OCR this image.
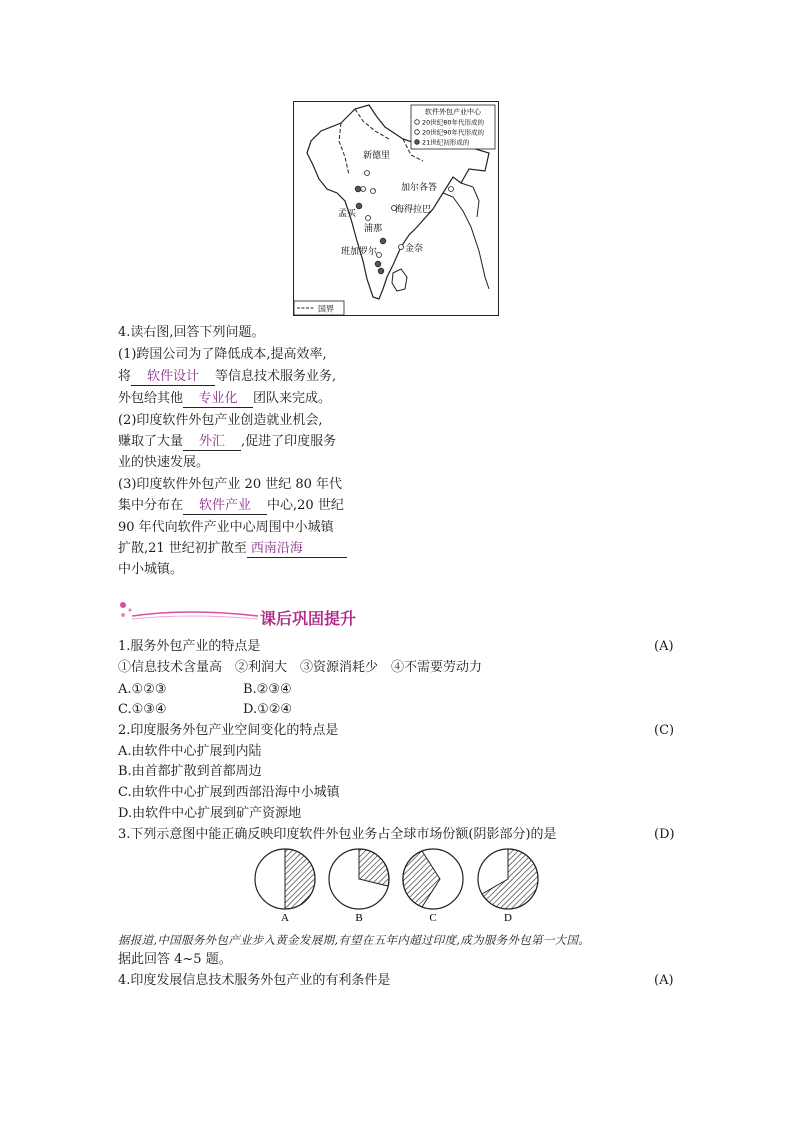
软件外包产业中心
20世纪80年代形成的
20世纪90年代形成的
21世纪初形成的
新德里
加尔各答
孟买	海得拉巴
浦那
班加罗尔	金奈
国界
4.读右图,回答下列问题。
(1)跨国公司为了降低成本,提高效率,
将 软件设计 等信息技术服务业务,
外包给其他 专业化 团队来完成。
(2)印度软件外包产业创造就业机会,
赚取了大量 外汇 ,促进了印度服务
业的快速发展。
(3)印度软件外包产业 20 世纪 80 年代
集中分布在 软件产业 中心,20 世纪
90 年代向软件产业中心周围中小城镇
扩散,21 世纪初扩散至 西南沿海
中小城镇。
课后巩固提升
1.服务外包产业的特点是	(A)
①信息技术含量高　②利润大　③资源消耗少　④不需要劳动力
A.①②③	B.②③④
C.①③④	D.①②④
2.印度服务外包产业空间变化的特点是	(C)
A.由软件中心扩展到内陆
B.由首都扩散到首都周边
C.由软件中心扩展到西部沿海中小城镇
D.由软件中心扩展到矿产资源地
3.下列示意图中能正确反映印度软件外包业务占全球市场份额(阴影部分)的是	(D)
A	B	C	D
据报道,中国服务外包产业步入黄金发展期,有望在五年内超过印度,成为服务外包第一大国。
据此回答 4~5 题。
4.印度发展信息技术服务外包产业的有利条件是	(A)
